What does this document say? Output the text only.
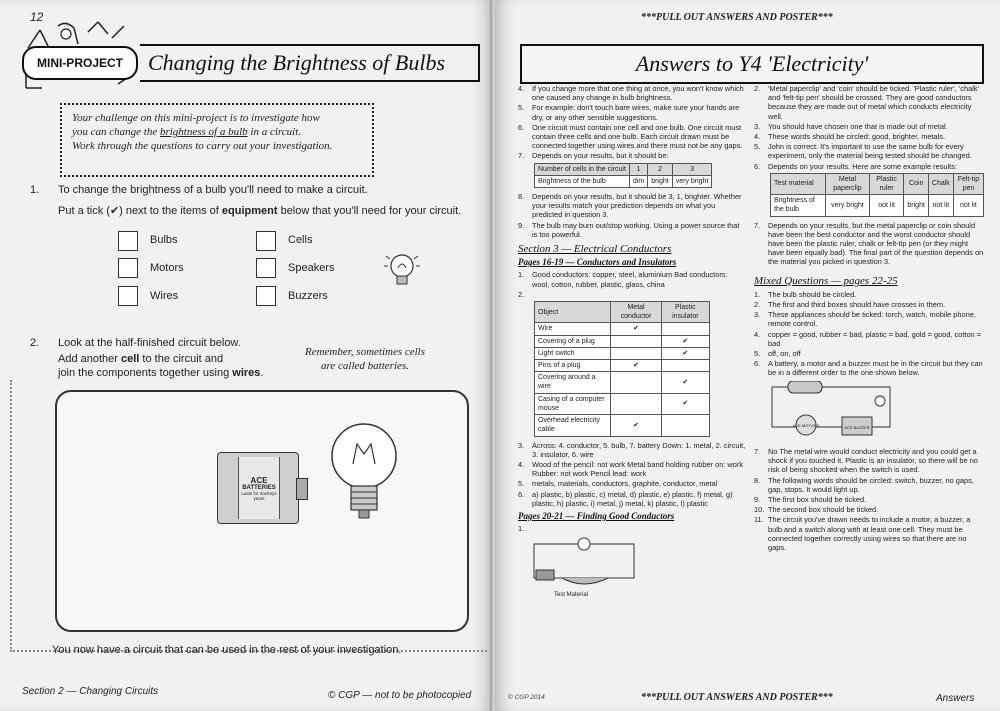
12
MINI-PROJECT	Changing the Brightness of Bulbs
Your challenge on this mini-project is to investigate how
you can change the brightness of a bulb in a circuit.
Work through the questions to carry out your investigation.
1. To change the brightness of a bulb you'll need to make a circuit.
Put a tick (✔) next to the items of equipment below that you'll need for your circuit.
Bulbs	Cells
Motors	Speakers
Wires	Buzzers
2. Look at the half-finished circuit below.
Add another cell to the circuit and
join the components together using wires.
Remember, sometimes cells are called batteries.
ACE
BATTERIES
Lasts for donkeys years
You now have a circuit that can be used in the rest of your investigation.
Section 2 — Changing Circuits	© CGP — not to be photocopied
***PULL OUT ANSWERS AND POSTER***
Answers to Y4 'Electricity'
4.	If you change more that one thing at once, you won't know which one caused any change in bulb brightness.
5.	For example: don't touch bare wires, make sure your hands are dry, or any other sensible suggestions.
6.	One circuit must contain one cell and one bulb. One circuit must contain three cells and one bulb. Each circuit drawn must be connected together using wires and there must not be any gaps.
7.	Depends on your results, but it should be:
Number of cells in the circuit	1	2	3
Brightness of the bulb	dim	bright	very bright
8.	Depends on your results, but it should be 3, 1, brighter. Whether your results match your prediction depends on what you predicted in question 3.
9.	The bulb may burn out/stop working. Using a power source that is too powerful.
Section 3 — Electrical Conductors
Pages 16-19 — Conductors and Insulators
1.	Good conductors: copper, steel, aluminium Bad conductors: wool, cotton, rubber, plastic, glass, china
2.
Object	Metal conductor	Plastic insulator
Wire	✔	
Covering of a plug		✔
Light switch		✔
Pins of a plug	✔	
Covering around a wire		✔
Casing of a computer mouse		✔
Overhead electricity cable	✔	
3.	Across: 4. conductor, 5. bulb, 7. battery Down: 1. metal, 2. circuit, 3. insulator, 6. wire
4.	Wood of the pencil: not work Metal band holding rubber on: work Rubber: not work Pencil lead: work
5.	metals, materials, conductors, graphite, conductor, metal
6.	a) plastic, b) plastic, c) metal, d) plastic, e) plastic, f) metal, g) plastic, h) plastic, i) metal, j) metal, k) plastic, l) plastic
Pages 20-21 — Finding Good Conductors
1.
Test Material
2.	'Metal paperclip' and 'coin' should be ticked. 'Plastic ruler', 'chalk' and 'felt-tip pen' should be crossed. They are good conductors because they are made out of metal which conducts electricity well.
3.	You should have chosen one that is made out of metal.
4.	These words should be circled: good, brighter, metals.
5.	John is correct. It's important to use the same bulb for every experiment, only the material being tested should be changed.
6.	Depends on your results. Here are some example results:
Test material	Metal paperclip	Plastic ruler	Coin	Chalk	Felt-tip pen
Brightness of the bulb	very bright	not lit	bright	not lit	not lit
7.	Depends on your results, but the metal paperclip or coin should have been the best conductor and the worst conductor should have been the plastic ruler, chalk or felt-tip pen (or they might have been equally bad). The final part of the question depends on the material you picked in question 3.
Mixed Questions — pages 22-25
1.	The bulb should be circled.
2.	The first and third boxes should have crosses in them.
3.	These appliances should be ticked: torch, watch, mobile phone, remote control.
4.	copper = good, rubber = bad, plastic = bad, gold = good, cotton = bad
5.	off, on, off
6.	A battery, a motor and a buzzer must be in the circuit but they can be in a different order to the one shown below.
ACE MOTORS	ACE BUZZER
7.	No The metal wire would conduct electricity and you could get a shock if you touched it. Plastic is an insulator, so there will be no risk of being shocked when the switch is used.
8.	The following words should be circled: switch, buzzer, no gaps, gap, stops. It would light up.
9.	The first box should be ticked.
10. The second box should be ticked.
11. The circuit you've drawn needs to include a motor, a buzzer, a bulb and a switch along with at least one cell. They must be connected together correctly using wires so that there are no gaps.
© CGP 2014	***PULL OUT ANSWERS AND POSTER***	Answers
